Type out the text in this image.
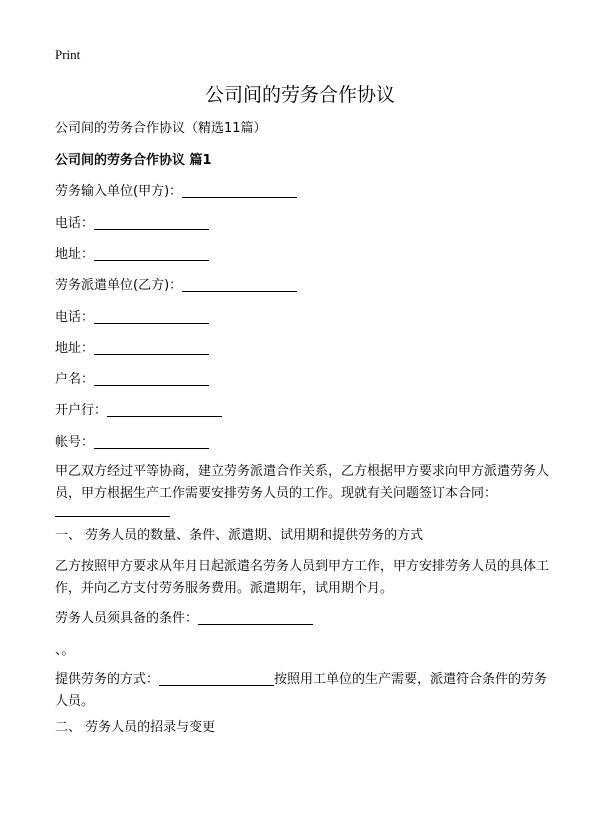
Print
公司间的劳务合作协议
公司间的劳务合作协议（精选11篇）
公司间的劳务合作协议 篇1
劳务输入单位(甲方)：
电话：
地址：
劳务派遣单位(乙方)：
电话：
地址：
户名：
开户行：
帐号：
甲乙双方经过平等协商，建立劳务派遣合作关系，乙方根据甲方要求向甲方派遣劳务人员，甲方根据生产工作需要安排劳务人员的工作。现就有关问题签订本合同：
一、 劳务人员的数量、条件、派遣期、试用期和提供劳务的方式
乙方按照甲方要求从年月日起派遣名劳务人员到甲方工作，甲方安排劳务人员的具体工作，并向乙方支付劳务服务费用。派遣期年，试用期个月。
劳务人员须具备的条件：
、。
提供劳务的方式：	按照用工单位的生产需要，派遣符合条件的劳务人员。
二、 劳务人员的招录与变更
